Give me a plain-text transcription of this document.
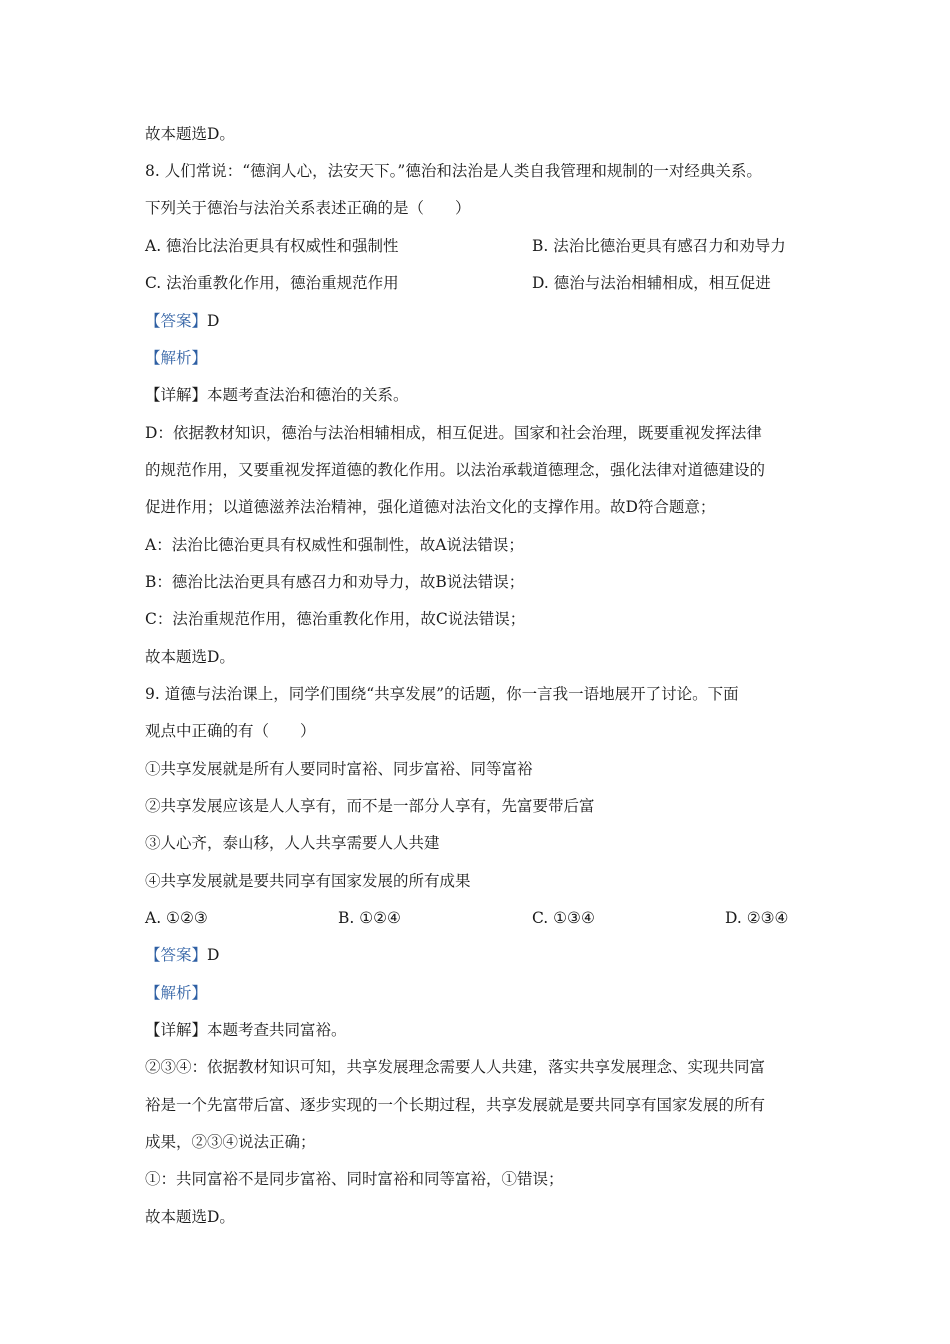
故本题选D。
8. 人们常说：“德润人心，法安天下。”德治和法治是人类自我管理和规制的一对经典关系。
下列关于德治与法治关系表述正确的是（　　）
A. 德治比法治更具有权威性和强制性	B. 法治比德治更具有感召力和劝导力
C. 法治重教化作用，德治重规范作用	D. 德治与法治相辅相成，相互促进
【答案】D
【解析】
【详解】本题考查法治和德治的关系。
D：依据教材知识，德治与法治相辅相成，相互促进。国家和社会治理，既要重视发挥法律
的规范作用，又要重视发挥道德的教化作用。以法治承载道德理念，强化法律对道德建设的
促进作用；以道德滋养法治精神，强化道德对法治文化的支撑作用。故D符合题意；
A：法治比德治更具有权威性和强制性，故A说法错误；
B：德治比法治更具有感召力和劝导力，故B说法错误；
C：法治重规范作用，德治重教化作用，故C说法错误；
故本题选D。
9. 道德与法治课上，同学们围绕“共享发展”的话题，你一言我一语地展开了讨论。下面
观点中正确的有（　　）
①共享发展就是所有人要同时富裕、同步富裕、同等富裕
②共享发展应该是人人享有，而不是一部分人享有，先富要带后富
③人心齐，泰山移，人人共享需要人人共建
④共享发展就是要共同享有国家发展的所有成果
A. ①②③	B. ①②④	C. ①③④	D. ②③④
【答案】D
【解析】
【详解】本题考查共同富裕。
②③④：依据教材知识可知，共享发展理念需要人人共建，落实共享发展理念、实现共同富
裕是一个先富带后富、逐步实现的一个长期过程，共享发展就是要共同享有国家发展的所有
成果，②③④说法正确；
①：共同富裕不是同步富裕、同时富裕和同等富裕，①错误；
故本题选D。
